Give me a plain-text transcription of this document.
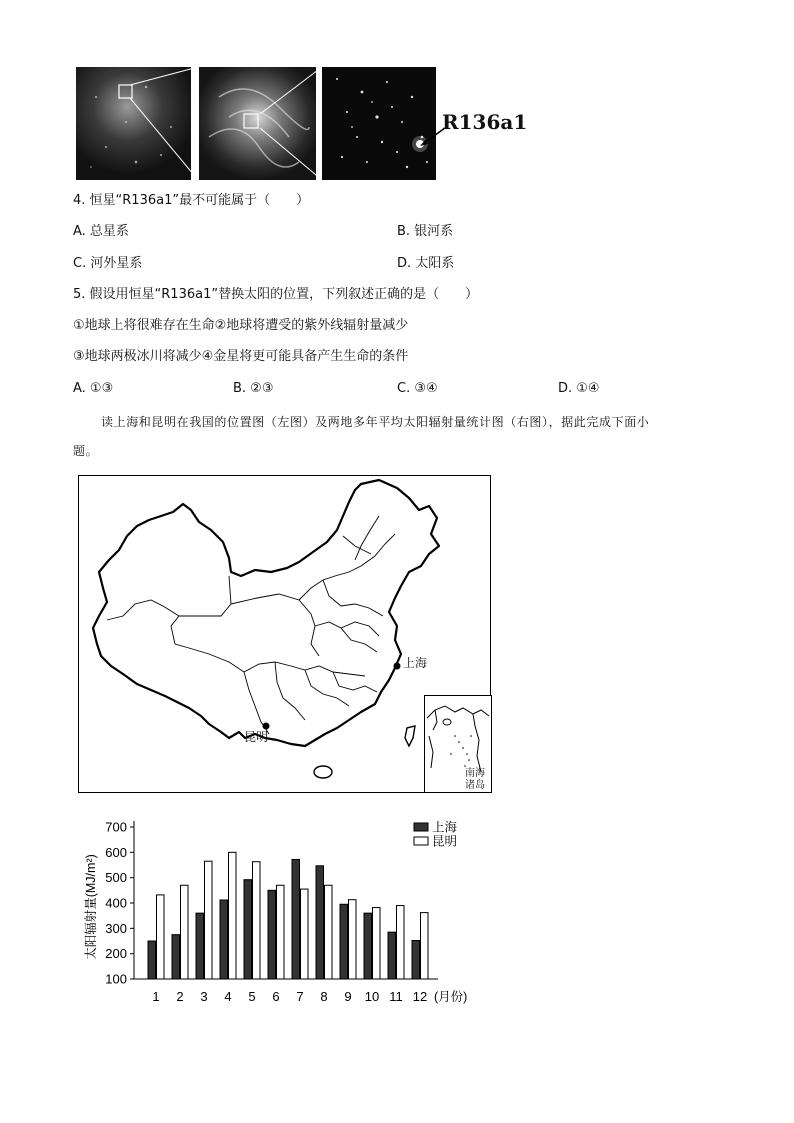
R136a1
4. 恒星“R136a1”最不可能属于（　　）
A. 总星系	B. 银河系
C. 河外星系	D. 太阳系
5. 假设用恒星“R136a1”替换太阳的位置，下列叙述正确的是（　　）
①地球上将很难存在生命②地球将遭受的紫外线辐射量减少
③地球两极冰川将减少④金星将更可能具备产生生命的条件
A. ①③	B. ②③	C. ③④	D. ①④
读上海和昆明在我国的位置图（左图）及两地多年平均太阳辐射量统计图（右图），据此完成下面小
题。
上海
昆明
南海
诸岛
100
200
300
400
500
600
700
太阳辐射量(MJ/m²)
1 2 3 4 5 6 7 8 9 10 11 12 (月份)
上海
昆明
